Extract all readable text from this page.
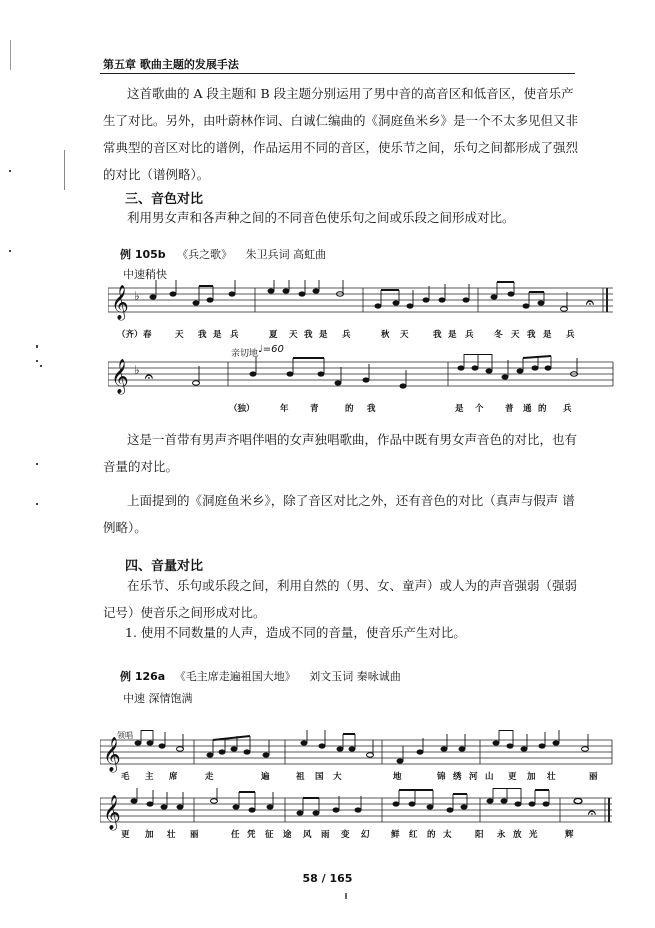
第五章 歌曲主题的发展手法
这首歌曲的 A 段主题和 B 段主题分别运用了男中音的高音区和低音区，使音乐产生了对比。另外，由叶蔚林作词、白诚仁编曲的《洞庭鱼米乡》是一个不太多见但又非常典型的音区对比的谱例，作品运用不同的音区，使乐节之间，乐句之间都形成了强烈的对比（谱例略）。
三、音色对比
利用男女声和各声种之间的不同音色使乐句之间或乐段之间形成对比。
例 105b 《兵之歌》 朱卫兵词 高虹曲
中速稍快
𝄞 ♭	𝄐
（齐） 春	天 我 是 兵	夏 天 我 是 兵	秋 天	我 是 兵 冬 天 我 是 兵
亲切地 ♩=60
𝄞 ♭ 𝄐
（独）	年	青	的 我	是 个	普 通 的 兵
这是一首带有男声齐唱伴唱的女声独唱歌曲，作品中既有男女声音色的对比，也有音量的对比。
上面提到的《洞庭鱼米乡》，除了音区对比之外，还有音色的对比（真声与假声 谱例略）。
四、音量对比
在乐节、乐句或乐段之间，利用自然的（男、女、童声）或人为的声音强弱（强弱记号）使音乐之间形成对比。
1. 使用不同数量的人声，造成不同的音量，使音乐产生对比。
例 126a 《毛主席走遍祖国大地》 刘文玉词 秦咏诚曲
中速 深情饱满
领唱
𝄞
毛 主 席	走	遍	祖 国 大	地	锦 绣 河 山 更 加 壮	丽
𝄞	𝄐
更 加 壮 丽	任 凭 征 途 风 雨 变 幻	鲜 红 的 太	阳 永 放 光	辉
58 / 165
